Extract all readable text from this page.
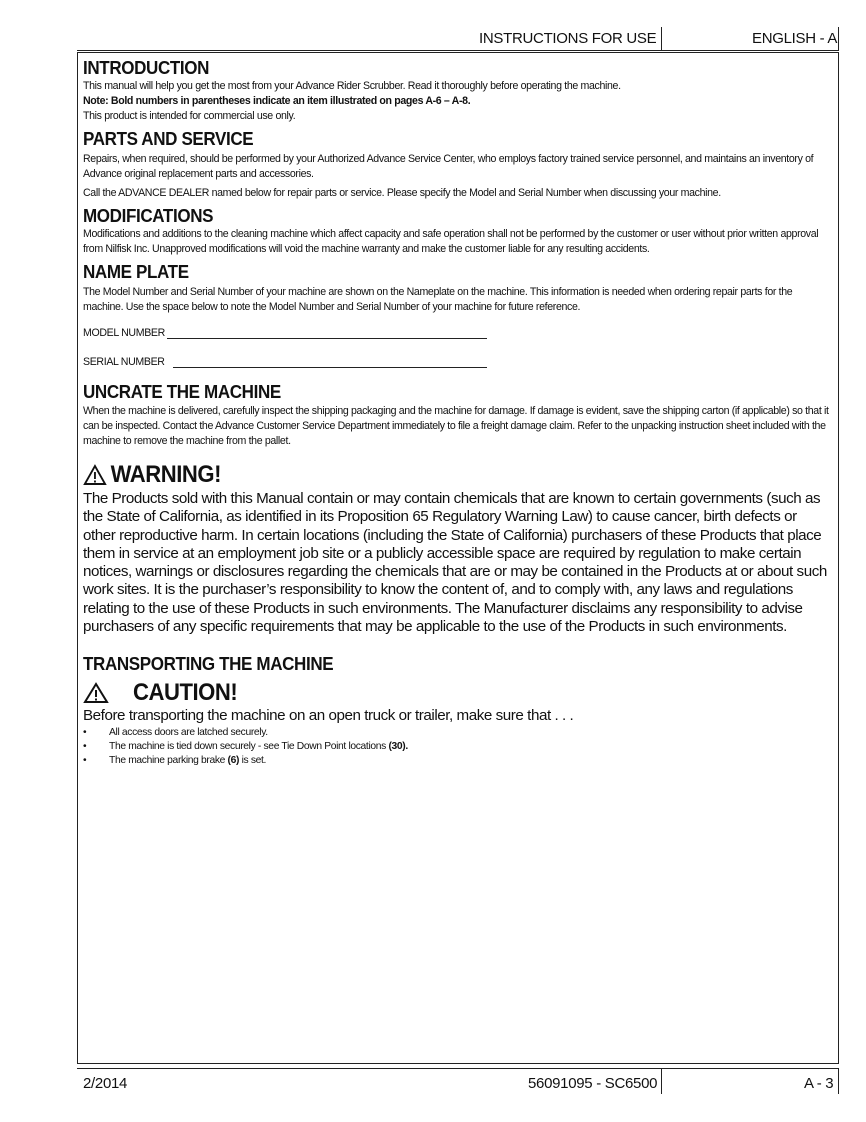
INSTRUCTIONS FOR USE	ENGLISH - A
INTRODUCTION

This manual will help you get the most from your Advance Rider Scrubber. Read it thoroughly before operating the machine.

Note: Bold numbers in parentheses indicate an item illustrated on pages A-6 – A-8.

This product is intended for commercial use only.

PARTS AND SERVICE

Repairs, when required, should be performed by your Authorized Advance Service Center, who employs factory trained service personnel, and maintains an inventory of Advance original replacement parts and accessories.

Call the ADVANCE DEALER named below for repair parts or service. Please specify the Model and Serial Number when discussing your machine.

MODIFICATIONS

Modifications and additions to the cleaning machine which affect capacity and safe operation shall not be performed by the customer or user without prior written approval from Nilfisk Inc. Unapproved modifications will void the machine warranty and make the customer liable for any resulting accidents.

NAME PLATE

The Model Number and Serial Number of your machine are shown on the Nameplate on the machine. This information is needed when ordering repair parts for the machine. Use the space below to note the Model Number and Serial Number of your machine for future reference.

MODEL NUMBER
SERIAL NUMBER
UNCRATE THE MACHINE

When the machine is delivered, carefully inspect the shipping packaging and the machine for damage. If damage is evident, save the shipping carton (if applicable) so that it can be inspected. Contact the Advance Customer Service Department immediately to file a freight damage claim. Refer to the unpacking instruction sheet included with the machine to remove the machine from the pallet.

WARNING!

The Products sold with this Manual contain or may contain chemicals that are known to certain governments (such as the State of California, as identified in its Proposition 65 Regulatory Warning Law) to cause cancer, birth defects or other reproductive harm. In certain locations (including the State of California) purchasers of these Products that place them in service at an employment job site or a publicly accessible space are required by regulation to make certain notices, warnings or disclosures regarding the chemicals that are or may be contained in the Products at or about such work sites. It is the purchaser’s responsibility to know the content of, and to comply with, any laws and regulations relating to the use of these Products in such environments. The Manufacturer disclaims any responsibility to advise purchasers of any specific requirements that may be applicable to the use of the Products in such environments.

TRANSPORTING THE MACHINE
CAUTION!

Before transporting the machine on an open truck or trailer, make sure that . . .

• All access doors are latched securely.
• The machine is tied down securely - see Tie Down Point locations (30).
• The machine parking brake (6) is set.
2/2014	56091095 - SC6500	A - 3
